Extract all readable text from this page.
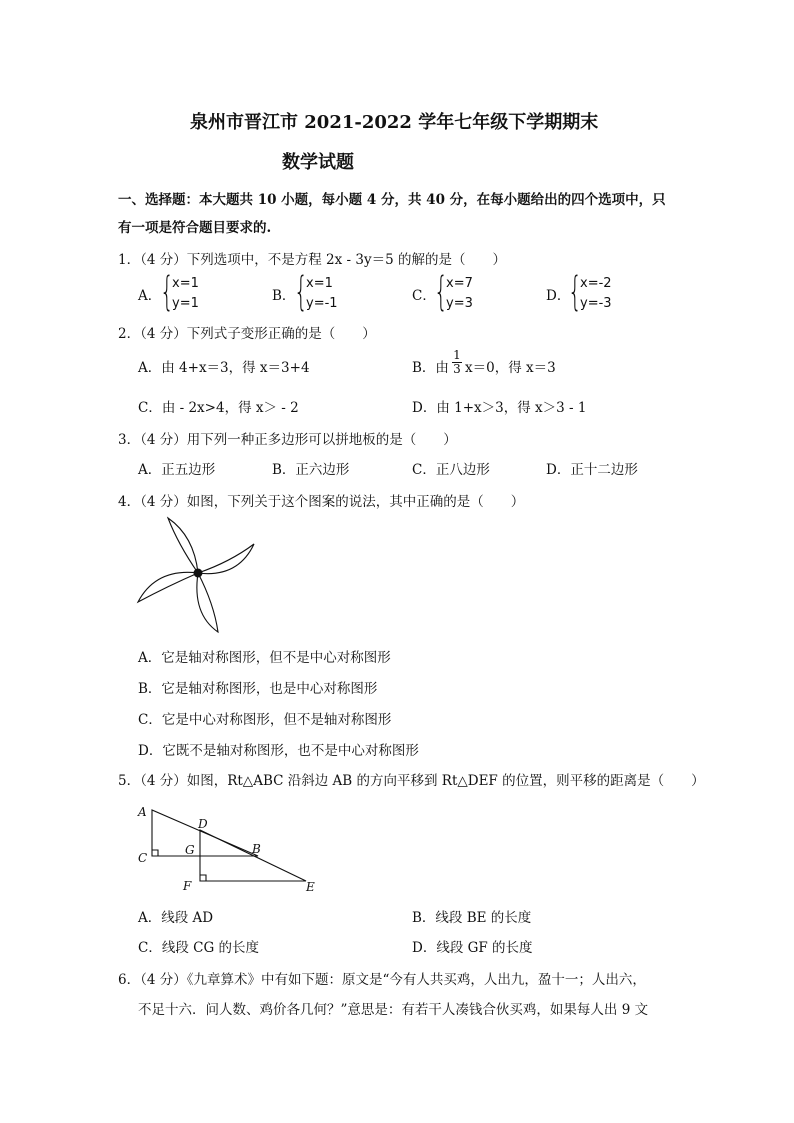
泉州市晋江市 2021-2022 学年七年级下学期期末
数学试题
一、选择题：本大题共 10 小题，每小题 4 分，共 40 分，在每小题给出的四个选项中，只
有一项是符合题目要求的.
1．（4 分）下列选项中，不是方程 2x - 3y＝5 的解的是（　　）
A．
{
x=1
y=1	B．
{
x=1
y=-1	C．
{
x=7
y=3	D．
{
x=-2
y=-3
2．（4 分）下列式子变形正确的是（　　）
A．由 4+x＝3，得 x＝3+4	B．由 $\frac{1}{3} x=0$，得 x＝3
C．由 - 2x>4，得 x＞ - 2	D．由 1+x＞3，得 x＞3 - 1
3．（4 分）用下列一种正多边形可以拼地板的是（　　）
A．正五边形	B．正六边形	C．正八边形	D．正十二边形
4．（4 分）如图，下列关于这个图案的说法，其中正确的是（　　）
A．它是轴对称图形，但不是中心对称图形
B．它是轴对称图形，也是中心对称图形
C．它是中心对称图形，但不是轴对称图形
D．它既不是轴对称图形，也不是中心对称图形
5．（4 分）如图，Rt△ABC 沿斜边 AB 的方向平移到 Rt△DEF 的位置，则平移的距离是（　　）
A
C
D
G	B
F	E
A．线段 AD	B．线段 BE 的长度
C．线段 CG 的长度	D．线段 GF 的长度
6．（4 分）《九章算术》中有如下题：原文是“今有人共买鸡，人出九，盈十一；人出六，
不足十六．问人数、鸡价各几何？”意思是：有若干人凑钱合伙买鸡，如果每人出 9 文
